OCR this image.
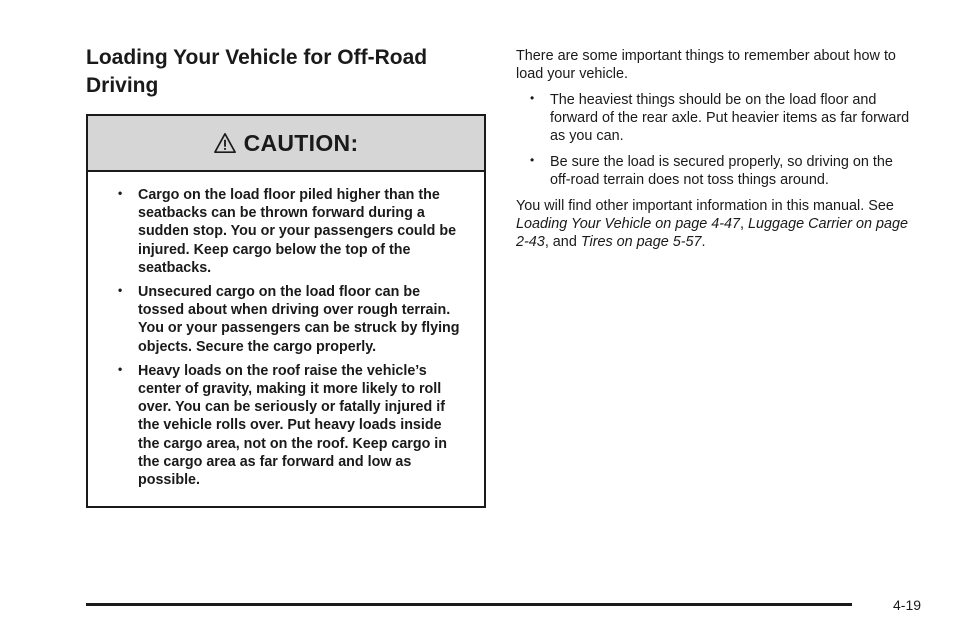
Loading Your Vehicle for Off-Road Driving
CAUTION:
• Cargo on the load floor piled higher than the seatbacks can be thrown forward during a sudden stop. You or your passengers could be injured. Keep cargo below the top of the seatbacks.
• Unsecured cargo on the load floor can be tossed about when driving over rough terrain. You or your passengers can be struck by flying objects. Secure the cargo properly.
• Heavy loads on the roof raise the vehicle’s center of gravity, making it more likely to roll over. You can be seriously or fatally injured if the vehicle rolls over. Put heavy loads inside the cargo area, not on the roof. Keep cargo in the cargo area as far forward and low as possible.

There are some important things to remember about how to load your vehicle.

• The heaviest things should be on the load floor and forward of the rear axle. Put heavier items as far forward as you can.
• Be sure the load is secured properly, so driving on the off-road terrain does not toss things around.

You will find other important information in this manual. See Loading Your Vehicle on page 4-47, Luggage Carrier on page 2-43, and Tires on page 5-57.

4-19
